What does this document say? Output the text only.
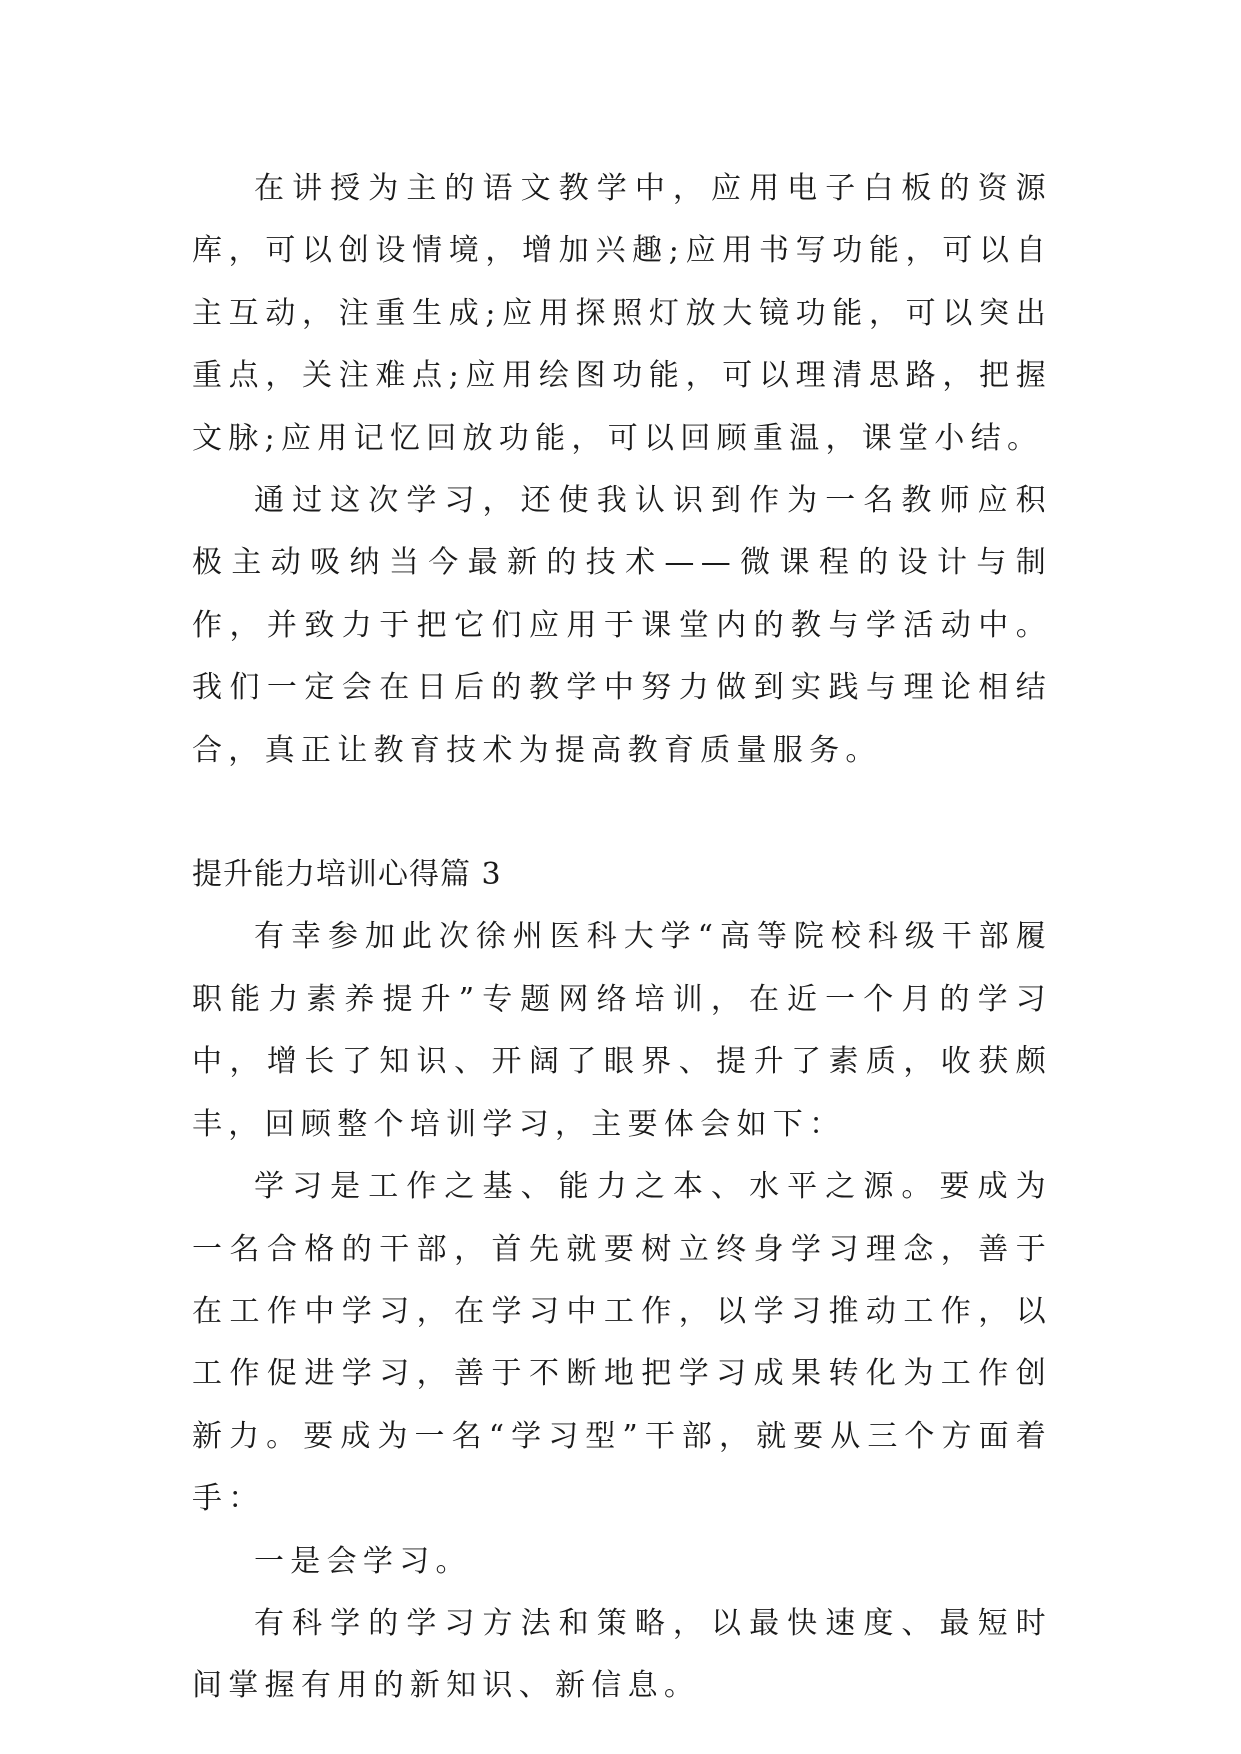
在讲授为主的语文教学中，应用电子白板的资源库，可以创设情境，增加兴趣;应用书写功能，可以自主互动，注重生成;应用探照灯放大镜功能，可以突出重点，关注难点;应用绘图功能，可以理清思路，把握文脉;应用记忆回放功能，可以回顾重温，课堂小结。

通过这次学习，还使我认识到作为一名教师应积极主动吸纳当今最新的技术——微课程的设计与制作，并致力于把它们应用于课堂内的教与学活动中。我们一定会在日后的教学中努力做到实践与理论相结合，真正让教育技术为提高教育质量服务。

提升能力培训心得篇 3

有幸参加此次徐州医科大学“高等院校科级干部履职能力素养提升”专题网络培训，在近一个月的学习中，增长了知识、开阔了眼界、提升了素质，收获颇丰，回顾整个培训学习，主要体会如下：

学习是工作之基、能力之本、水平之源。要成为一名合格的干部，首先就要树立终身学习理念，善于在工作中学习，在学习中工作，以学习推动工作，以工作促进学习，善于不断地把学习成果转化为工作创新力。要成为一名“学习型”干部，就要从三个方面着手：

一是会学习。

有科学的学习方法和策略，以最快速度、最短时间掌握有用的新知识、新信息。
